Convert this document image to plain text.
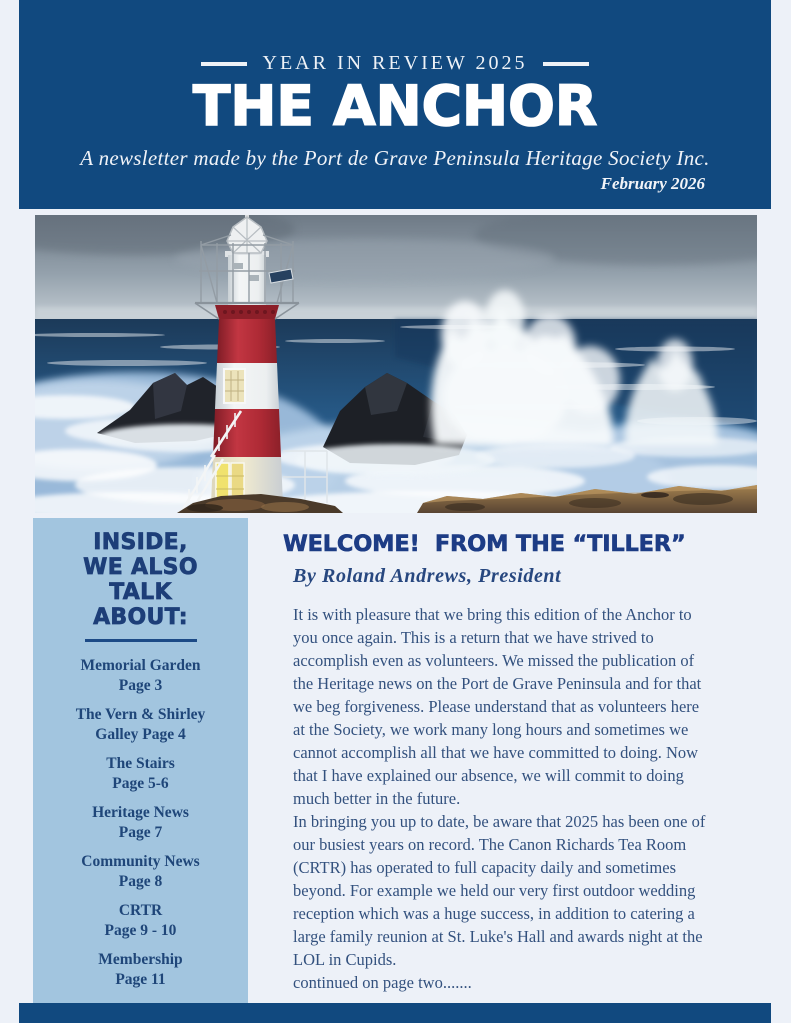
YEAR IN REVIEW 2025
THE ANCHOR
A newsletter made by the Port de Grave Peninsula Heritage Society Inc.
February 2026
INSIDE,
WE ALSO
TALK
ABOUT:
Memorial Garden
Page 3
The Vern & Shirley
Galley Page 4
The Stairs
Page 5-6
Heritage News
Page 7
Community News
Page 8
CRTR
Page 9 - 10
Membership
Page 11
WELCOME!  FROM THE “TILLER”
By Roland Andrews, President
It is with pleasure that we bring this edition of the Anchor to
you once again. This is a return that we have strived to
accomplish even as volunteers. We missed the publication of
the Heritage news on the Port de Grave Peninsula and for that
we beg forgiveness. Please understand that as volunteers here
at the Society, we work many long hours and sometimes we
cannot accomplish all that we have committed to doing. Now
that I have explained our absence, we will commit to doing
much better in the future.
In bringing you up to date, be aware that 2025 has been one of
our busiest years on record. The Canon Richards Tea Room
(CRTR) has operated to full capacity daily and sometimes
beyond. For example we held our very first outdoor wedding
reception which was a huge success, in addition to catering a
large family reunion at St. Luke's Hall and awards night at the
LOL in Cupids.
continued on page two.......
